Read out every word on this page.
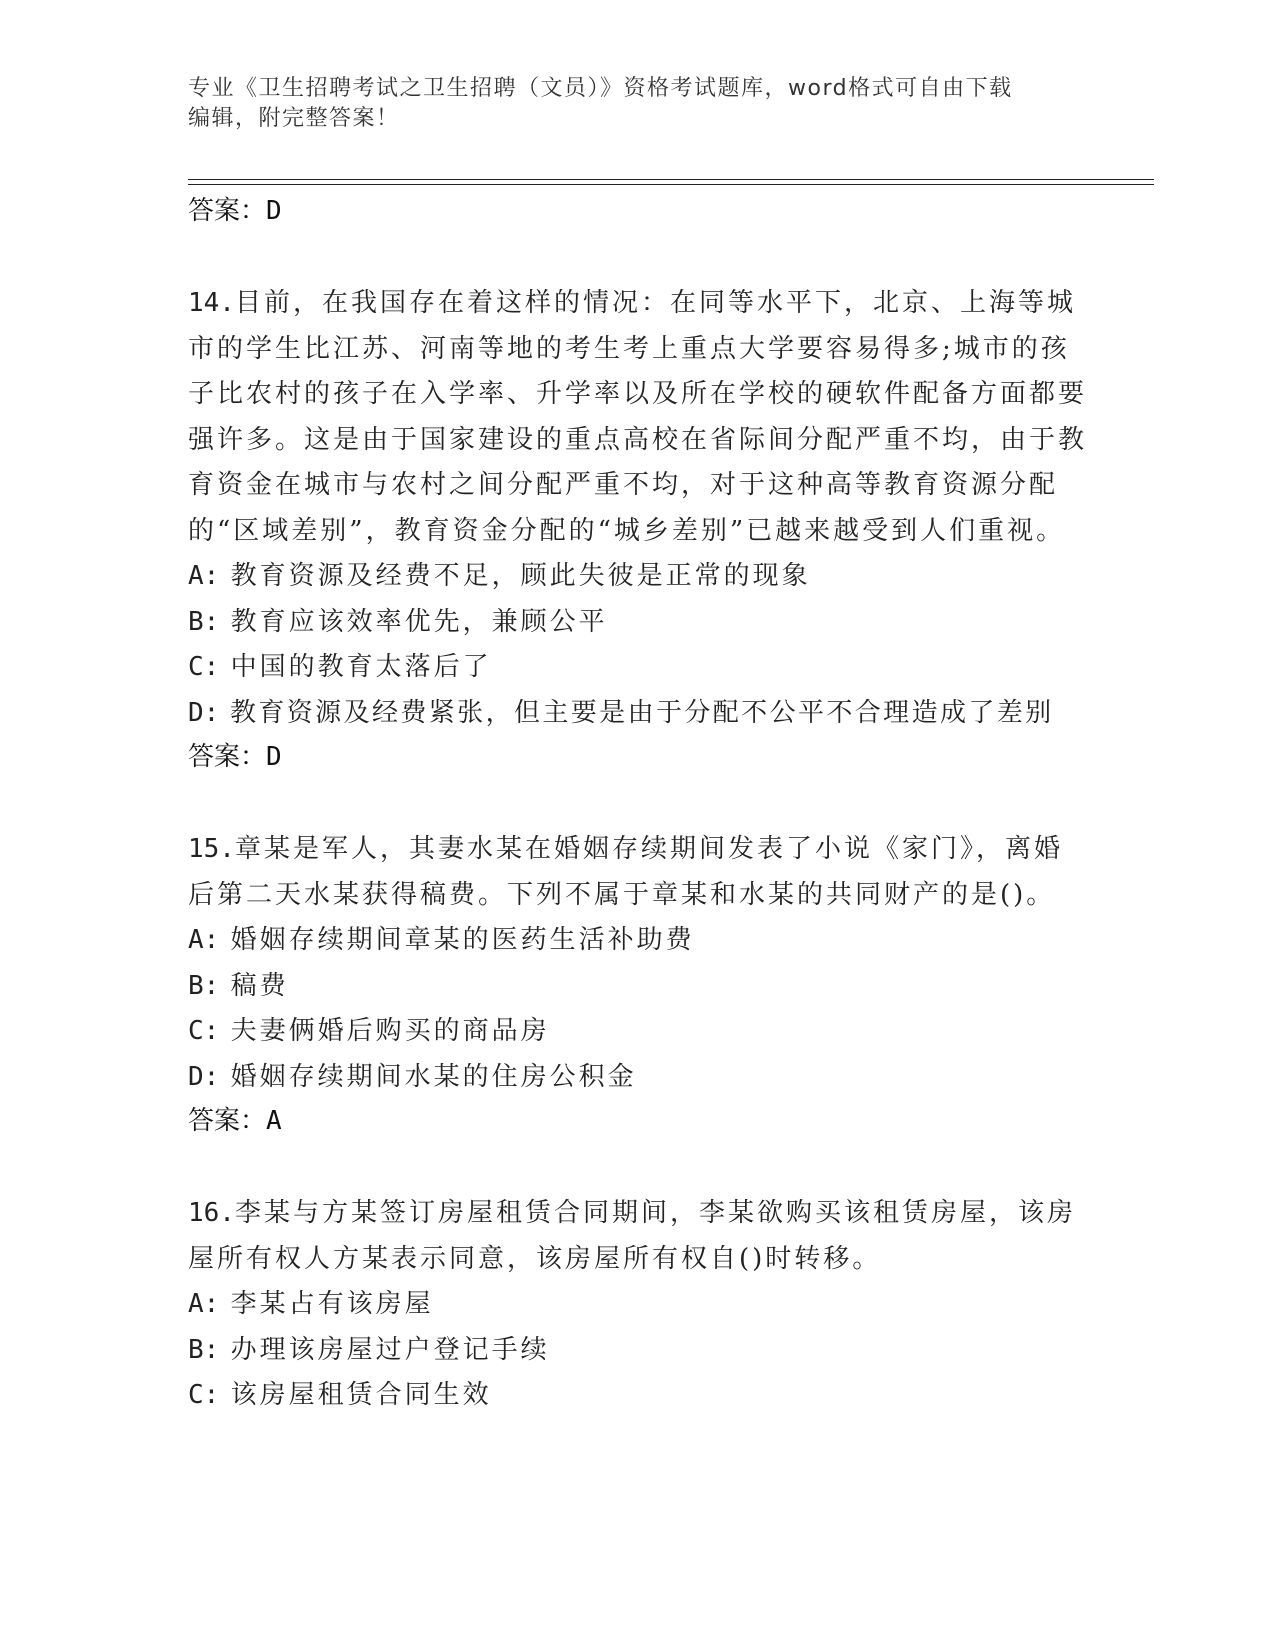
专业《卫生招聘考试之卫生招聘（文员）》资格考试题库，word格式可自由下载
编辑，附完整答案！
答案：D
14.目前，在我国存在着这样的情况：在同等水平下，北京、上海等城市的学生比江苏、河南等地的考生考上重点大学要容易得多;城市的孩子比农村的孩子在入学率、升学率以及所在学校的硬软件配备方面都要强许多。这是由于国家建设的重点高校在省际间分配严重不均，由于教育资金在城市与农村之间分配严重不均，对于这种高等教育资源分配的“区域差别”，教育资金分配的“城乡差别”已越来越受到人们重视。
A: 教育资源及经费不足，顾此失彼是正常的现象
B: 教育应该效率优先，兼顾公平
C: 中国的教育太落后了
D: 教育资源及经费紧张，但主要是由于分配不公平不合理造成了差别
答案：D
15.章某是军人，其妻水某在婚姻存续期间发表了小说《家门》，离婚后第二天水某获得稿费。下列不属于章某和水某的共同财产的是()。
A: 婚姻存续期间章某的医药生活补助费
B: 稿费
C: 夫妻俩婚后购买的商品房
D: 婚姻存续期间水某的住房公积金
答案：A
16.李某与方某签订房屋租赁合同期间，李某欲购买该租赁房屋，该房屋所有权人方某表示同意，该房屋所有权自()时转移。
A: 李某占有该房屋
B: 办理该房屋过户登记手续
C: 该房屋租赁合同生效
